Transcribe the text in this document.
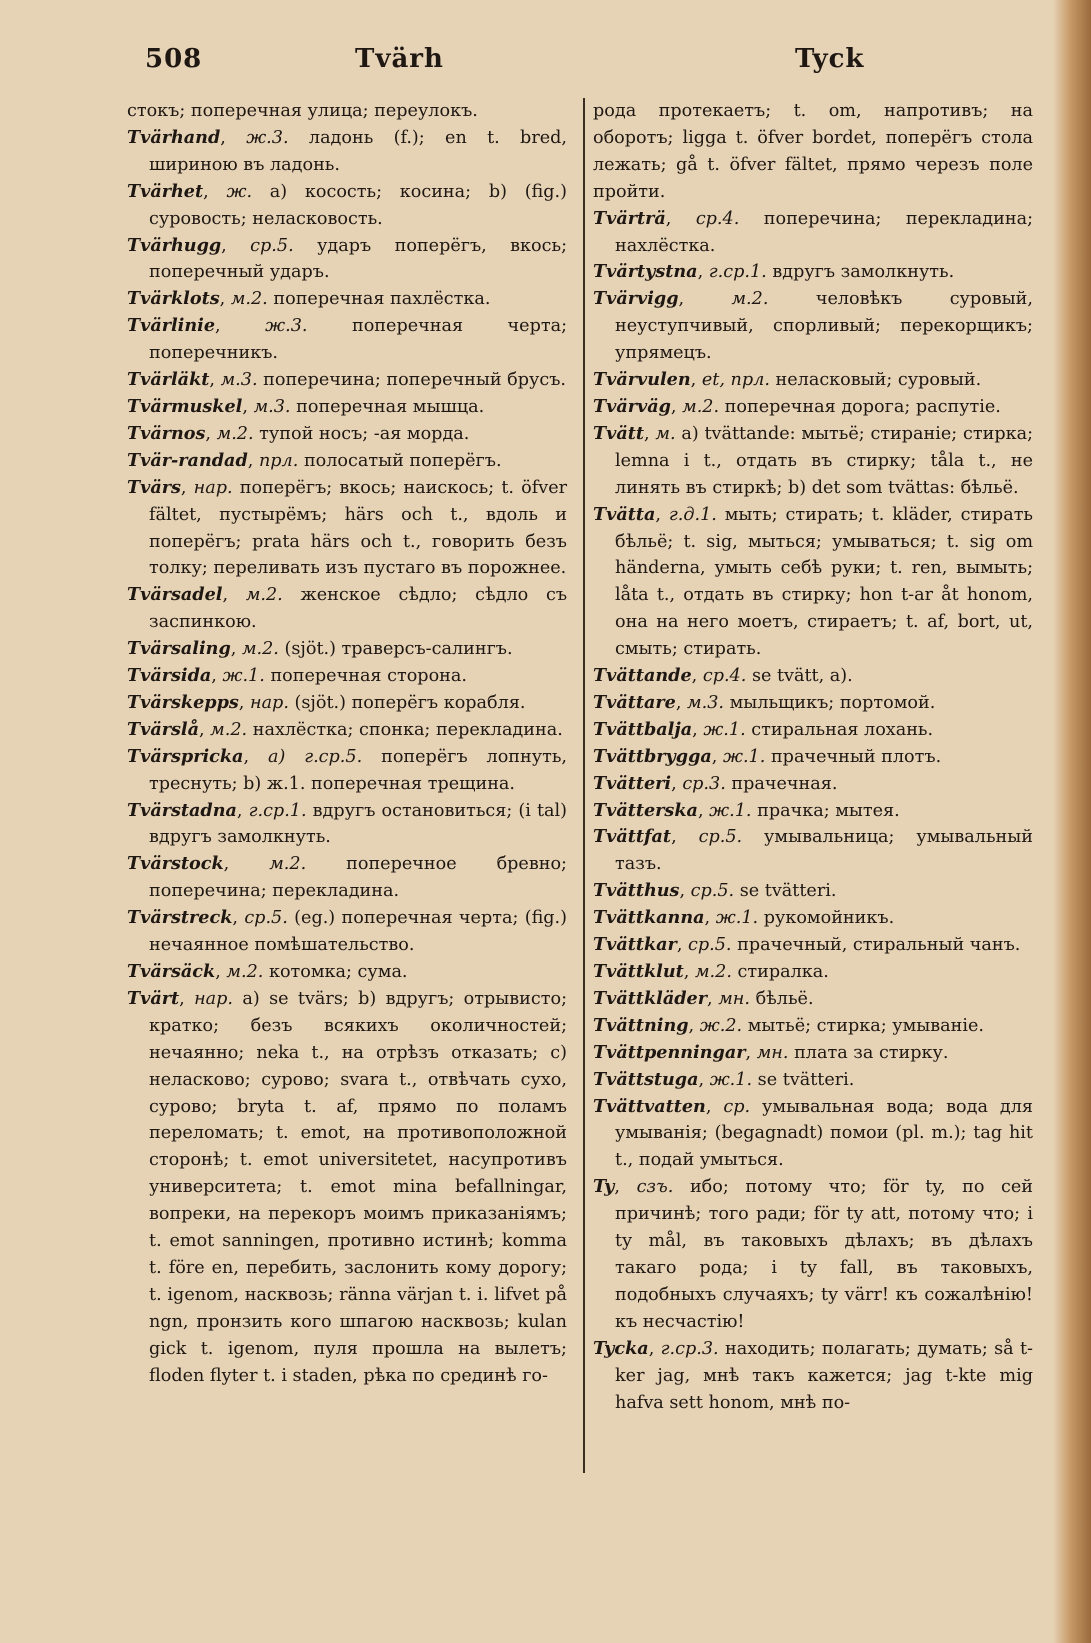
508	Tvärh	Tyck

стокъ; поперечная улица; переулокъ.

Tvärhand, ж.3. ладонь (f.); en t. bred, шириною въ ладонь.

Tvärhet, ж. a) косость; косина; b) (fig.) суровость; неласковость.

Tvärhugg, ср.5. ударъ поперёгъ, вкось; поперечный ударъ.

Tvärklots, м.2. поперечная пахлёстка.

Tvärlinie, ж.3.	поперечная черта; поперечникъ.

Tvärläkt, м.3. поперечина; поперечный брусъ.

Tvärmuskel, м.3. поперечная мышца.

Tvärnos, м.2. тупой носъ; -ая морда.

Tvär-randad, прл. полосатый поперёгъ.

Tvärs, нар. поперёгъ; вкось; наискось; t. öfver fältet, пустырёмъ; härs och t., вдоль и поперёгъ; prata härs och t., говорить безъ толку; переливать изъ пустаго въ порожнее.

Tvärsadel, м.2. женское сѣдло; сѣдло съ заспинкою.

Tvärsaling, м.2. (sjöt.) траверсъ-салингъ.

Tvärsida, ж.1. поперечная сторона.

Tvärskepps, нар. (sjöt.) поперёгъ корабля.

Tvärslå, м.2. нахлёстка; спонка; перекладина.

Tvärspricka, a) г.ср.5. поперёгъ лопнуть, треснуть; b) ж.1. поперечная трещина.

Tvärstadna, г.ср.1. вдругъ остановиться; (i tal) вдругъ замолкнуть.

Tvärstock, м.2. поперечное бревно; поперечина; перекладина.

Tvärstreck, ср.5. (eg.) поперечная черта; (fig.) нечаянное помѣшательство.

Tvärsäck, м.2. котомка; сума.

Tvärt, нар. a) se tvärs; b) вдругъ; отрывисто; кратко; безъ всякихъ околичностей; нечаянно; neka t., на отрѣзъ отказать; c) неласково; сурово; svara t., отвѣчать сухо, сурово; bryta t. af, прямо по поламъ переломать; t. emot, на противоположной сторонѣ; t. emot universitetet, насупротивъ университета; t. emot mina befallningar, вопреки, на перекоръ моимъ приказаніямъ; t. emot sanningen, противно истинѣ; komma t. före en, перебить, заслонить кому дорогу; t. igenom, насквозь; ränna värjan t. i. lifvet på ngn, пронзить кого шпагою насквозь; kulan gick t. igenom, пуля прошла на вылетъ; floden flyter t. i staden, рѣка по срединѣ го-

рода протекаетъ; t. om, напротивъ; на оборотъ; ligga t. öfver bordet, поперёгъ стола лежать; gå t. öfver fältet, прямо черезъ поле пройти.

Tvärträ, ср.4. поперечина; перекладина; нахлёстка.

Tvärtystna, г.ср.1. вдругъ замолкнуть.

Tvärvigg, м.2.	человѣкъ суровый, неуступчивый, спорливый; перекорщикъ; упрямецъ.

Tvärvulen, et, прл. неласковый; суровый.

Tvärväg, м.2. поперечная дорога; распутіе.

Tvätt, м. a) tvättande: мытьё; стираніе; стирка; lemna i t., отдать въ стирку; tåla t., не линять въ стиркѣ; b) det som tvättas: бѣльё.

Tvätta, г.д.1. мыть; стирать; t. kläder, стирать бѣльё; t. sig, мыться; умываться; t. sig om händerna, умыть себѣ руки; t. ren, вымыть; låta t., отдать въ стирку; hon t-ar åt honom, она на него моетъ, стираетъ; t. af, bort, ut, смыть; стирать.

Tvättande, ср.4. se tvätt, a).

Tvättare, м.3. мыльщикъ; портомой.

Tvättbalja, ж.1. стиральная лохань.

Tvättbrygga, ж.1. прачечный плотъ.

Tvätteri, ср.3. прачечная.

Tvätterska, ж.1. прачка; мытея.

Tvättfat, ср.5. умывальница; умывальный тазъ.

Tvätthus, ср.5. se tvätteri.

Tvättkanna, ж.1. рукомойникъ.

Tvättkar, ср.5. прачечный, стиральный чанъ.

Tvättklut, м.2. стиралка.

Tvättkläder, мн. бѣльё.

Tvättning, ж.2. мытьё; стирка; умываніе.

Tvättpenningar, мн. плата за стирку.

Tvättstuga, ж.1. se tvätteri.

Tvättvatten, ср. умывальная вода; вода для умыванія; (begagnadt) помои (pl. m.); tag hit t., подай умыться.

Ty, сзъ. ибо; потому что; för ty, по сей причинѣ; того ради; för ty att, потому что; i ty mål, въ таковыхъ дѣлахъ; въ дѣлахъ такаго рода; i ty fall, въ таковыхъ, подобныхъ случаяхъ; ty värr! къ сожалѣнію! къ несчастію!

Tycka, г.ср.3. находить; полагать; думать; så t-ker jag, мнѣ такъ кажется; jag t-kte mig hafva sett honom, мнѣ по-
